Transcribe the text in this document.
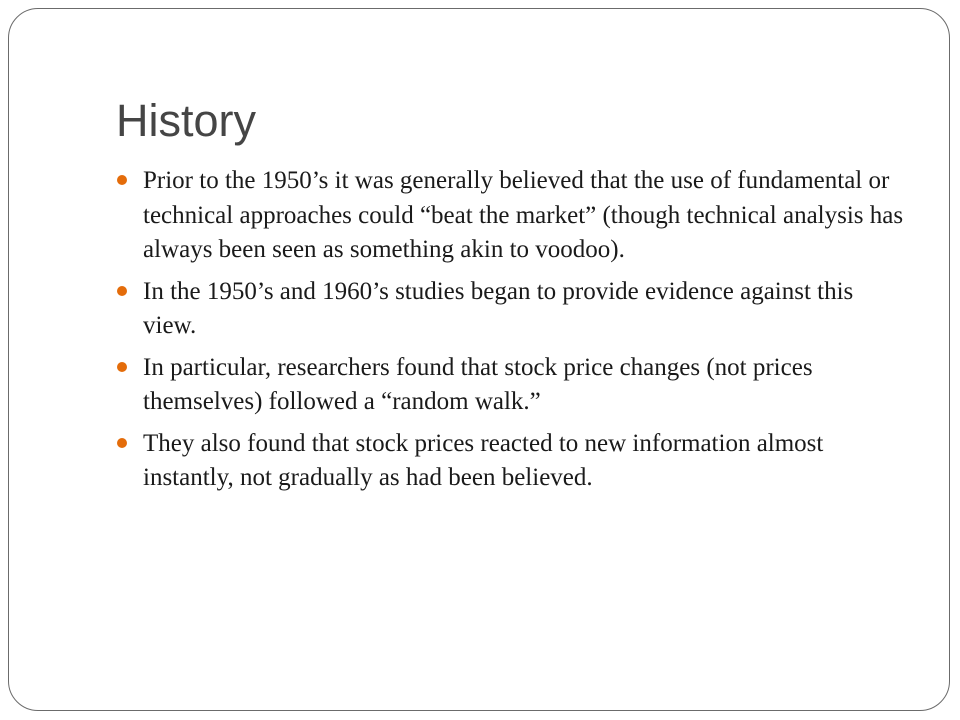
History
Prior to the 1950’s it was generally believed that the use of fundamental or technical approaches could “beat the market” (though technical analysis has always been seen as something akin to voodoo).
In the 1950’s and 1960’s studies began to provide evidence against this view.
In particular, researchers found that stock price changes (not prices themselves) followed a “random walk.”
They also found that stock prices reacted to new information almost instantly, not gradually as had been believed.
